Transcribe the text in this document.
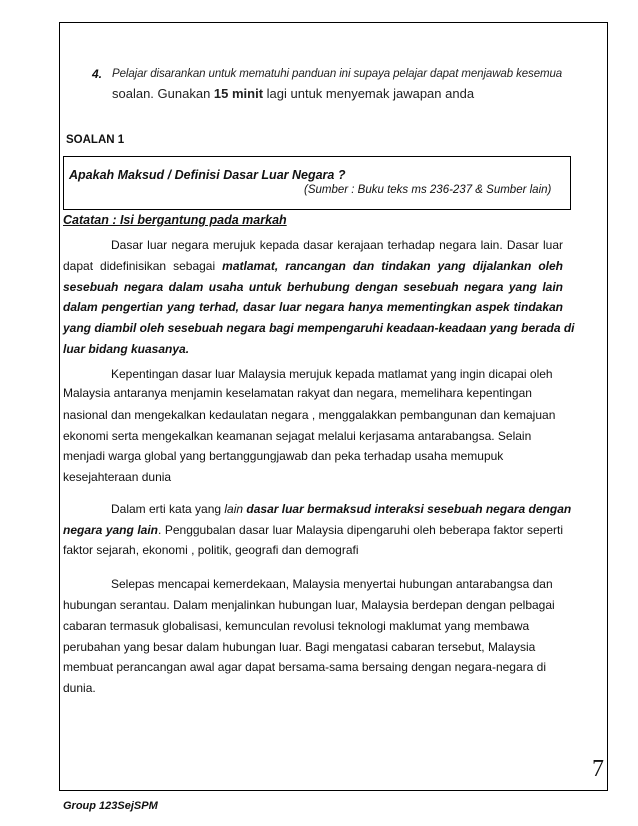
4. Pelajar disarankan untuk mematuhi panduan ini supaya pelajar dapat menjawab kesemua
soalan. Gunakan 15 minit lagi untuk menyemak jawapan anda
SOALAN 1
Apakah Maksud / Definisi Dasar Luar Negara ?
(Sumber : Buku teks ms 236-237 & Sumber lain)
Catatan : Isi bergantung pada markah
Dasar luar negara merujuk kepada dasar kerajaan terhadap negara lain. Dasar luar
dapat didefinisikan sebagai matlamat, rancangan dan tindakan yang dijalankan oleh
sesebuah negara dalam usaha untuk berhubung dengan sesebuah negara yang lain
dalam pengertian yang terhad, dasar luar negara hanya mementingkan aspek tindakan
yang diambil oleh sesebuah negara bagi mempengaruhi keadaan-keadaan yang berada di
luar bidang kuasanya.
Kepentingan dasar luar Malaysia merujuk kepada matlamat yang ingin dicapai oleh
Malaysia antaranya menjamin keselamatan rakyat dan negara, memelihara kepentingan
nasional dan mengekalkan kedaulatan negara , menggalakkan pembangunan dan kemajuan
ekonomi serta mengekalkan keamanan sejagat melalui kerjasama antarabangsa. Selain
menjadi warga global yang bertanggungjawab dan peka terhadap usaha memupuk
kesejahteraan dunia
Dalam erti kata yang lain dasar luar bermaksud interaksi sesebuah negara dengan
negara yang lain. Penggubalan dasar luar Malaysia dipengaruhi oleh beberapa faktor seperti
faktor sejarah, ekonomi , politik, geografi dan demografi
Selepas mencapai kemerdekaan, Malaysia menyertai hubungan antarabangsa dan
hubungan serantau. Dalam menjalinkan hubungan luar, Malaysia berdepan dengan pelbagai
cabaran termasuk globalisasi, kemunculan revolusi teknologi maklumat yang membawa
perubahan yang besar dalam hubungan luar. Bagi mengatasi cabaran tersebut, Malaysia
membuat perancangan awal agar dapat bersama-sama bersaing dengan negara-negara di
dunia.
7
Group 123SejSPM
